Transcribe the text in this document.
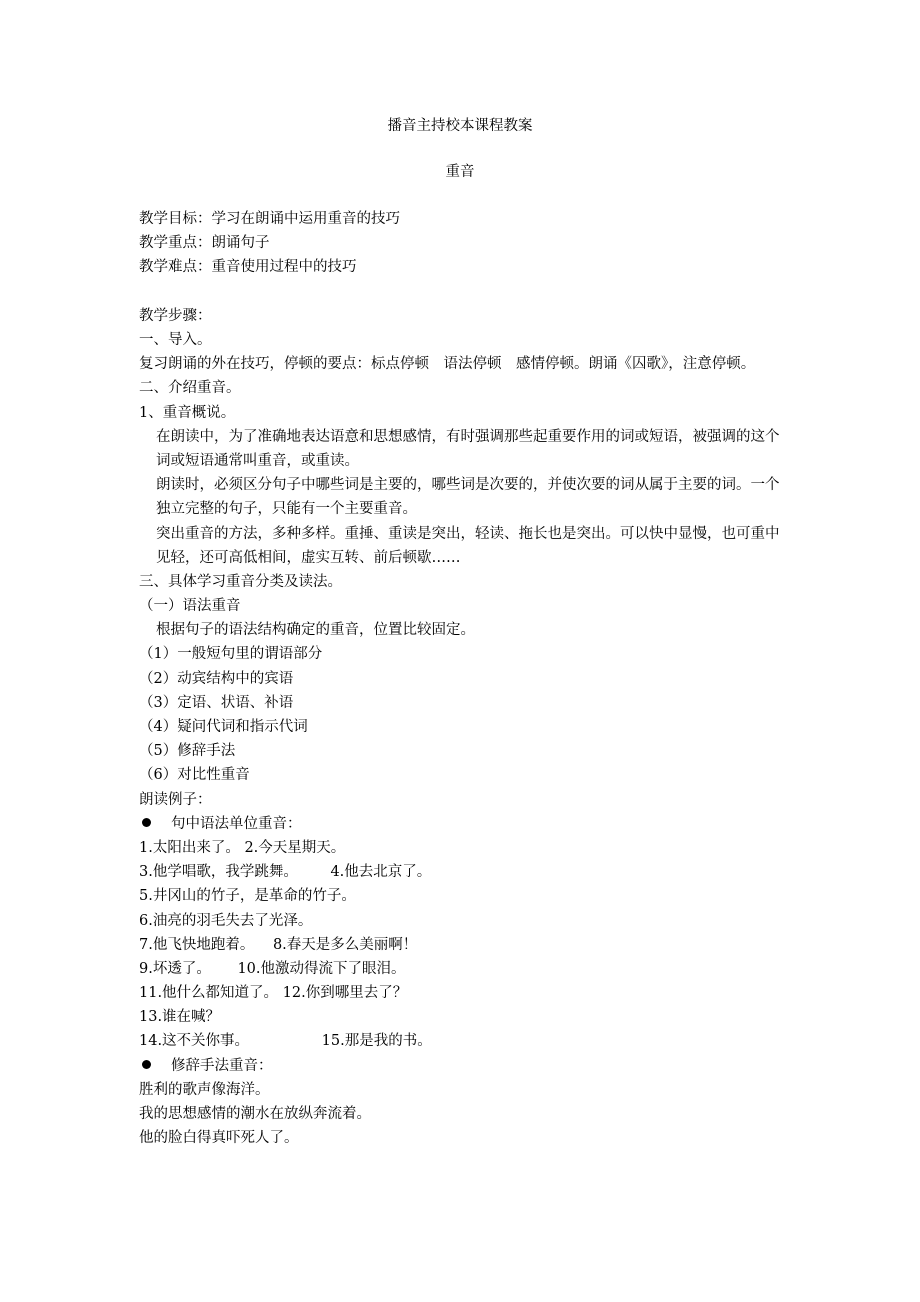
播音主持校本课程教案
重音
教学目标：学习在朗诵中运用重音的技巧
教学重点：朗诵句子
教学难点：重音使用过程中的技巧
教学步骤：
一、导入。
复习朗诵的外在技巧，停顿的要点：标点停顿　语法停顿　感情停顿。朗诵《囚歌》，注意停顿。
二、介绍重音。
1、重音概说。
在朗读中，为了准确地表达语意和思想感情，有时强调那些起重要作用的词或短语，被强调的这个词或短语通常叫重音，或重读。
朗读时，必须区分句子中哪些词是主要的，哪些词是次要的，并使次要的词从属于主要的词。一个独立完整的句子，只能有一个主要重音。
突出重音的方法，多种多样。重捶、重读是突出，轻读、拖长也是突出。可以快中显慢，也可重中见轻，还可高低相间，虚实互转、前后顿歇……
三、具体学习重音分类及读法。
（一）语法重音
根据句子的语法结构确定的重音，位置比较固定。
（1）一般短句里的谓语部分
（2）动宾结构中的宾语
（3）定语、状语、补语
（4）疑问代词和指示代词
（5）修辞手法
（6）对比性重音
朗读例子：
句中语法单位重音：
1.太阳出来了。 2.今天星期天。
3.他学唱歌，我学跳舞。 4.他去北京了。
5.井冈山的竹子，是革命的竹子。
6.油亮的羽毛失去了光泽。
7.他飞快地跑着。 8.春天是多么美丽啊！
9.坏透了。 10.他激动得流下了眼泪。
11.他什么都知道了。 12.你到哪里去了？
13.谁在喊？
14.这不关你事。	15.那是我的书。
修辞手法重音：
胜利的歌声像海洋。
我的思想感情的潮水在放纵奔流着。
他的脸白得真吓死人了。
